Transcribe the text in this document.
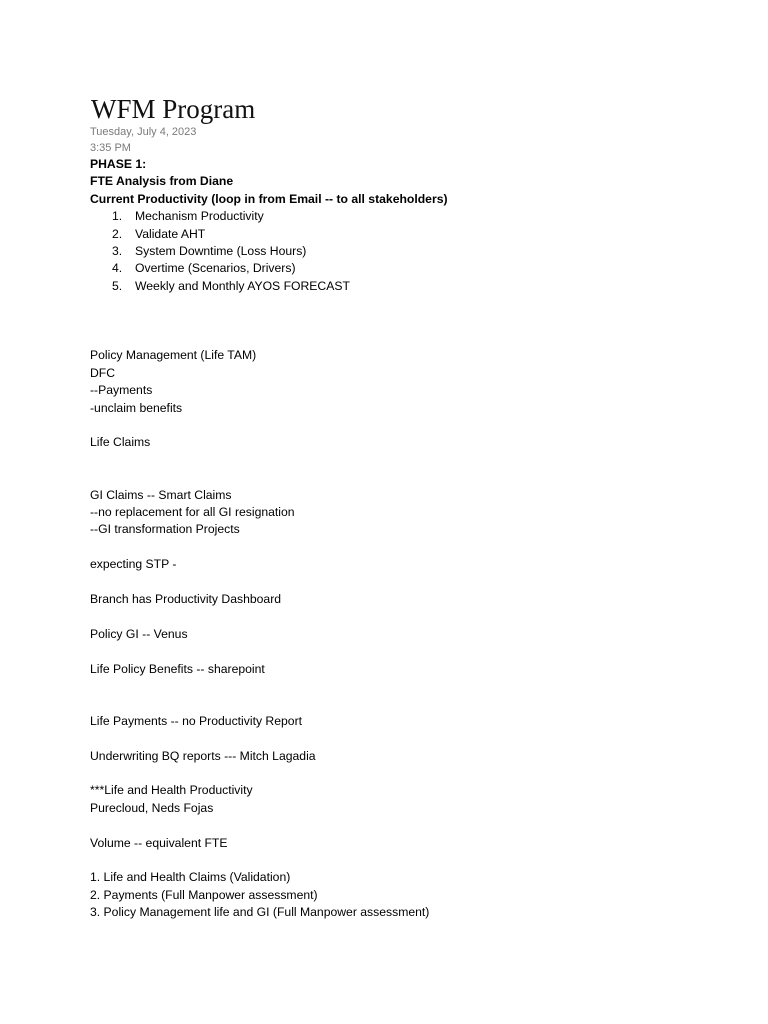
WFM Program

Tuesday, July 4, 2023

3:35 PM

PHASE 1:

FTE Analysis from Diane

Current Productivity (loop in from Email -- to all stakeholders)

1.	Mechanism Productivity
2.	Validate AHT
3.	System Downtime (Loss Hours)
4.	Overtime (Scenarios, Drivers)
5.	Weekly and Monthly AYOS FORECAST

Policy Management (Life TAM)

DFC

--Payments

-unclaim benefits

Life Claims

GI Claims -- Smart Claims

--no replacement for all GI resignation

--GI transformation Projects

expecting STP -

Branch has Productivity Dashboard

Policy GI -- Venus

Life Policy Benefits -- sharepoint

Life Payments -- no Productivity Report

Underwriting BQ reports --- Mitch Lagadia

***Life and Health Productivity

Purecloud, Neds Fojas

Volume -- equivalent FTE

1. Life and Health Claims (Validation)

2. Payments (Full Manpower assessment)

3. Policy Management life and GI (Full Manpower assessment)
